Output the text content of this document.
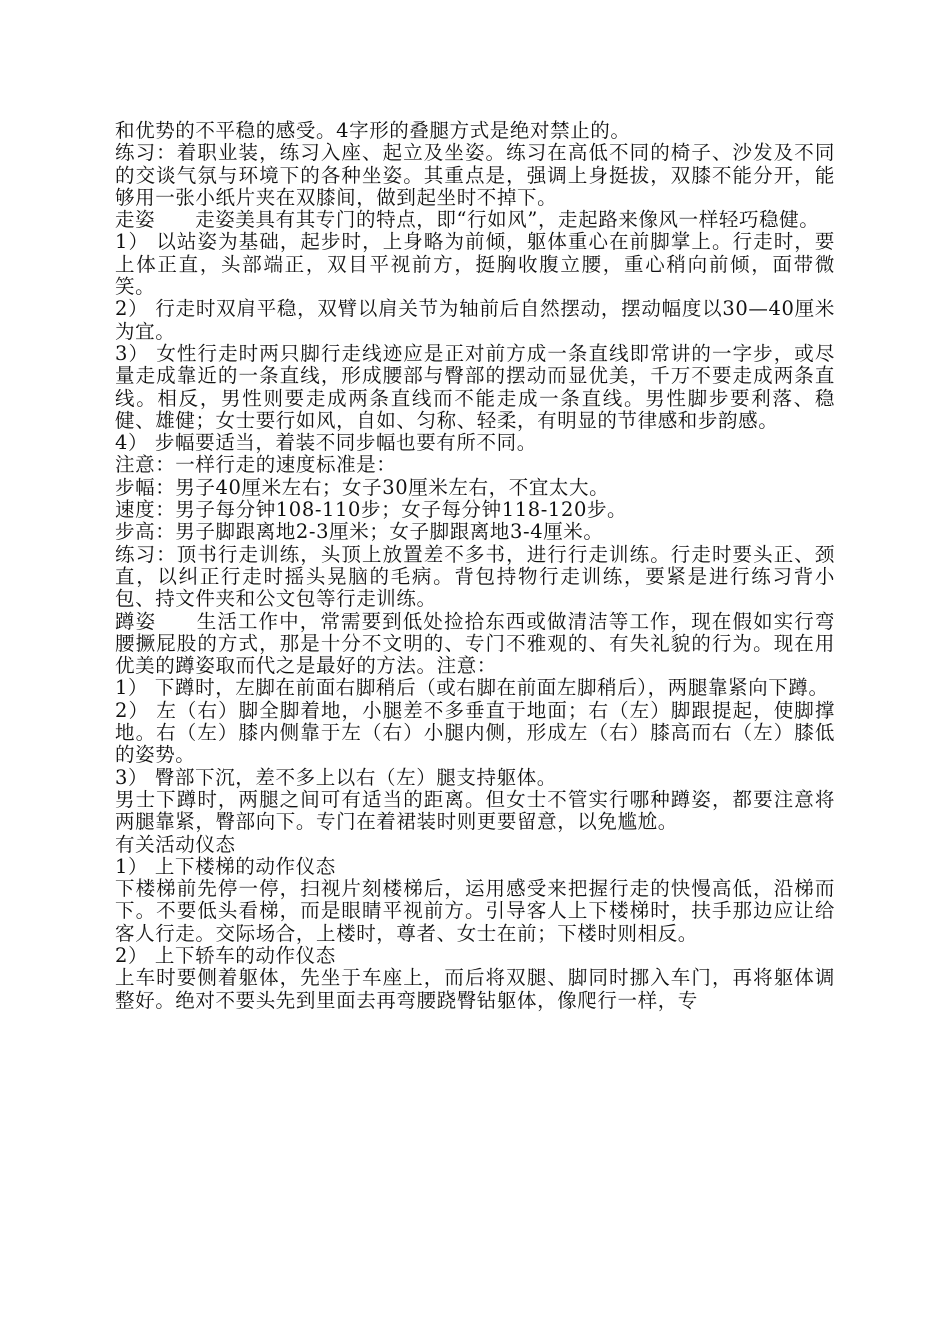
和优势的不平稳的感受。4字形的叠腿方式是绝对禁止的。

练习：着职业装，练习入座、起立及坐姿。练习在高低不同的椅子、沙发及不同的交谈气氛与环境下的各种坐姿。其重点是，强调上身挺拔，双膝不能分开，能够用一张小纸片夹在双膝间，做到起坐时不掉下。

走姿 走姿美具有其专门的特点，即“行如风”，走起路来像风一样轻巧稳健。

1） 以站姿为基础，起步时，上身略为前倾，躯体重心在前脚掌上。行走时，要上体正直，头部端正，双目平视前方，挺胸收腹立腰，重心稍向前倾，面带微笑。

2） 行走时双肩平稳，双臂以肩关节为轴前后自然摆动，摆动幅度以30—40厘米为宜。

3） 女性行走时两只脚行走线迹应是正对前方成一条直线即常讲的一字步，或尽量走成靠近的一条直线，形成腰部与臀部的摆动而显优美，千万不要走成两条直线。相反，男性则要走成两条直线而不能走成一条直线。男性脚步要利落、稳健、雄健；女士要行如风，自如、匀称、轻柔，有明显的节律感和步韵感。

4） 步幅要适当，着装不同步幅也要有所不同。

注意：一样行走的速度标准是：

步幅：男子40厘米左右；女子30厘米左右，不宜太大。

速度：男子每分钟108-110步；女子每分钟118-120步。

步高：男子脚跟离地2-3厘米；女子脚跟离地3-4厘米。

练习：顶书行走训练，头顶上放置差不多书，进行行走训练。行走时要头正、颈直，以纠正行走时摇头晃脑的毛病。背包持物行走训练，要紧是进行练习背小包、持文件夹和公文包等行走训练。

蹲姿 生活工作中，常需要到低处捡拾东西或做清洁等工作，现在假如实行弯腰撅屁股的方式，那是十分不文明的、专门不雅观的、有失礼貌的行为。现在用优美的蹲姿取而代之是最好的方法。注意：

1） 下蹲时，左脚在前面右脚稍后（或右脚在前面左脚稍后），两腿靠紧向下蹲。

2） 左（右）脚全脚着地，小腿差不多垂直于地面；右（左）脚跟提起，使脚撑地。右（左）膝内侧靠于左（右）小腿内侧，形成左（右）膝高而右（左）膝低的姿势。

3） 臀部下沉，差不多上以右（左）腿支持躯体。

男士下蹲时，两腿之间可有适当的距离。但女士不管实行哪种蹲姿，都要注意将两腿靠紧，臀部向下。专门在着裙装时则更要留意，以免尴尬。

有关活动仪态

1） 上下楼梯的动作仪态

下楼梯前先停一停，扫视片刻楼梯后，运用感受来把握行走的快慢高低，沿梯而下。不要低头看梯，而是眼睛平视前方。引导客人上下楼梯时，扶手那边应让给客人行走。交际场合，上楼时，尊者、女士在前；下楼时则相反。

2） 上下轿车的动作仪态

上车时要侧着躯体，先坐于车座上，而后将双腿、脚同时挪入车门，再将躯体调整好。绝对不要头先到里面去再弯腰跷臀钻躯体，像爬行一样，专
